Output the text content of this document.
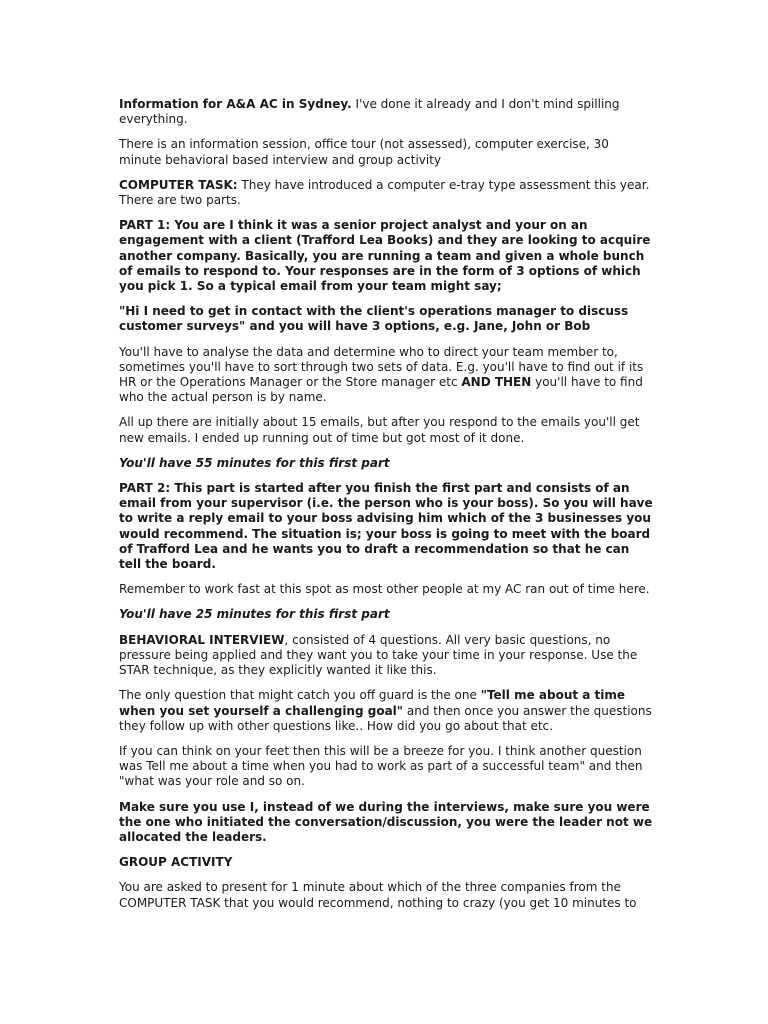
Information for A&A AC in Sydney. I've done it already and I don't mind spilling everything.

There is an information session, office tour (not assessed), computer exercise, 30 minute behavioral based interview and group activity

COMPUTER TASK: They have introduced a computer e-tray type assessment this year. There are two parts.

PART 1: You are I think it was a senior project analyst and your on an engagement with a client (Trafford Lea Books) and they are looking to acquire another company. Basically, you are running a team and given a whole bunch of emails to respond to. Your responses are in the form of 3 options of which you pick 1. So a typical email from your team might say;

"Hi I need to get in contact with the client's operations manager to discuss customer surveys" and you will have 3 options, e.g. Jane, John or Bob

You'll have to analyse the data and determine who to direct your team member to, sometimes you'll have to sort through two sets of data. E.g. you'll have to find out if its HR or the Operations Manager or the Store manager etc AND THEN you'll have to find who the actual person is by name.

All up there are initially about 15 emails, but after you respond to the emails you'll get new emails. I ended up running out of time but got most of it done.

You'll have 55 minutes for this first part

PART 2: This part is started after you finish the first part and consists of an email from your supervisor (i.e. the person who is your boss). So you will have to write a reply email to your boss advising him which of the 3 businesses you would recommend. The situation is; your boss is going to meet with the board of Trafford Lea and he wants you to draft a recommendation so that he can tell the board.

Remember to work fast at this spot as most other people at my AC ran out of time here.

You'll have 25 minutes for this first part

BEHAVIORAL INTERVIEW, consisted of 4 questions. All very basic questions, no pressure being applied and they want you to take your time in your response. Use the STAR technique, as they explicitly wanted it like this.

The only question that might catch you off guard is the one "Tell me about a time when you set yourself a challenging goal" and then once you answer the questions they follow up with other questions like.. How did you go about that etc.

If you can think on your feet then this will be a breeze for you. I think another question was Tell me about a time when you had to work as part of a successful team" and then "what was your role and so on.

Make sure you use I, instead of we during the interviews, make sure you were the one who initiated the conversation/discussion, you were the leader not we allocated the leaders.

GROUP ACTIVITY

You are asked to present for 1 minute about which of the three companies from the COMPUTER TASK that you would recommend, nothing to crazy (you get 10 minutes to
